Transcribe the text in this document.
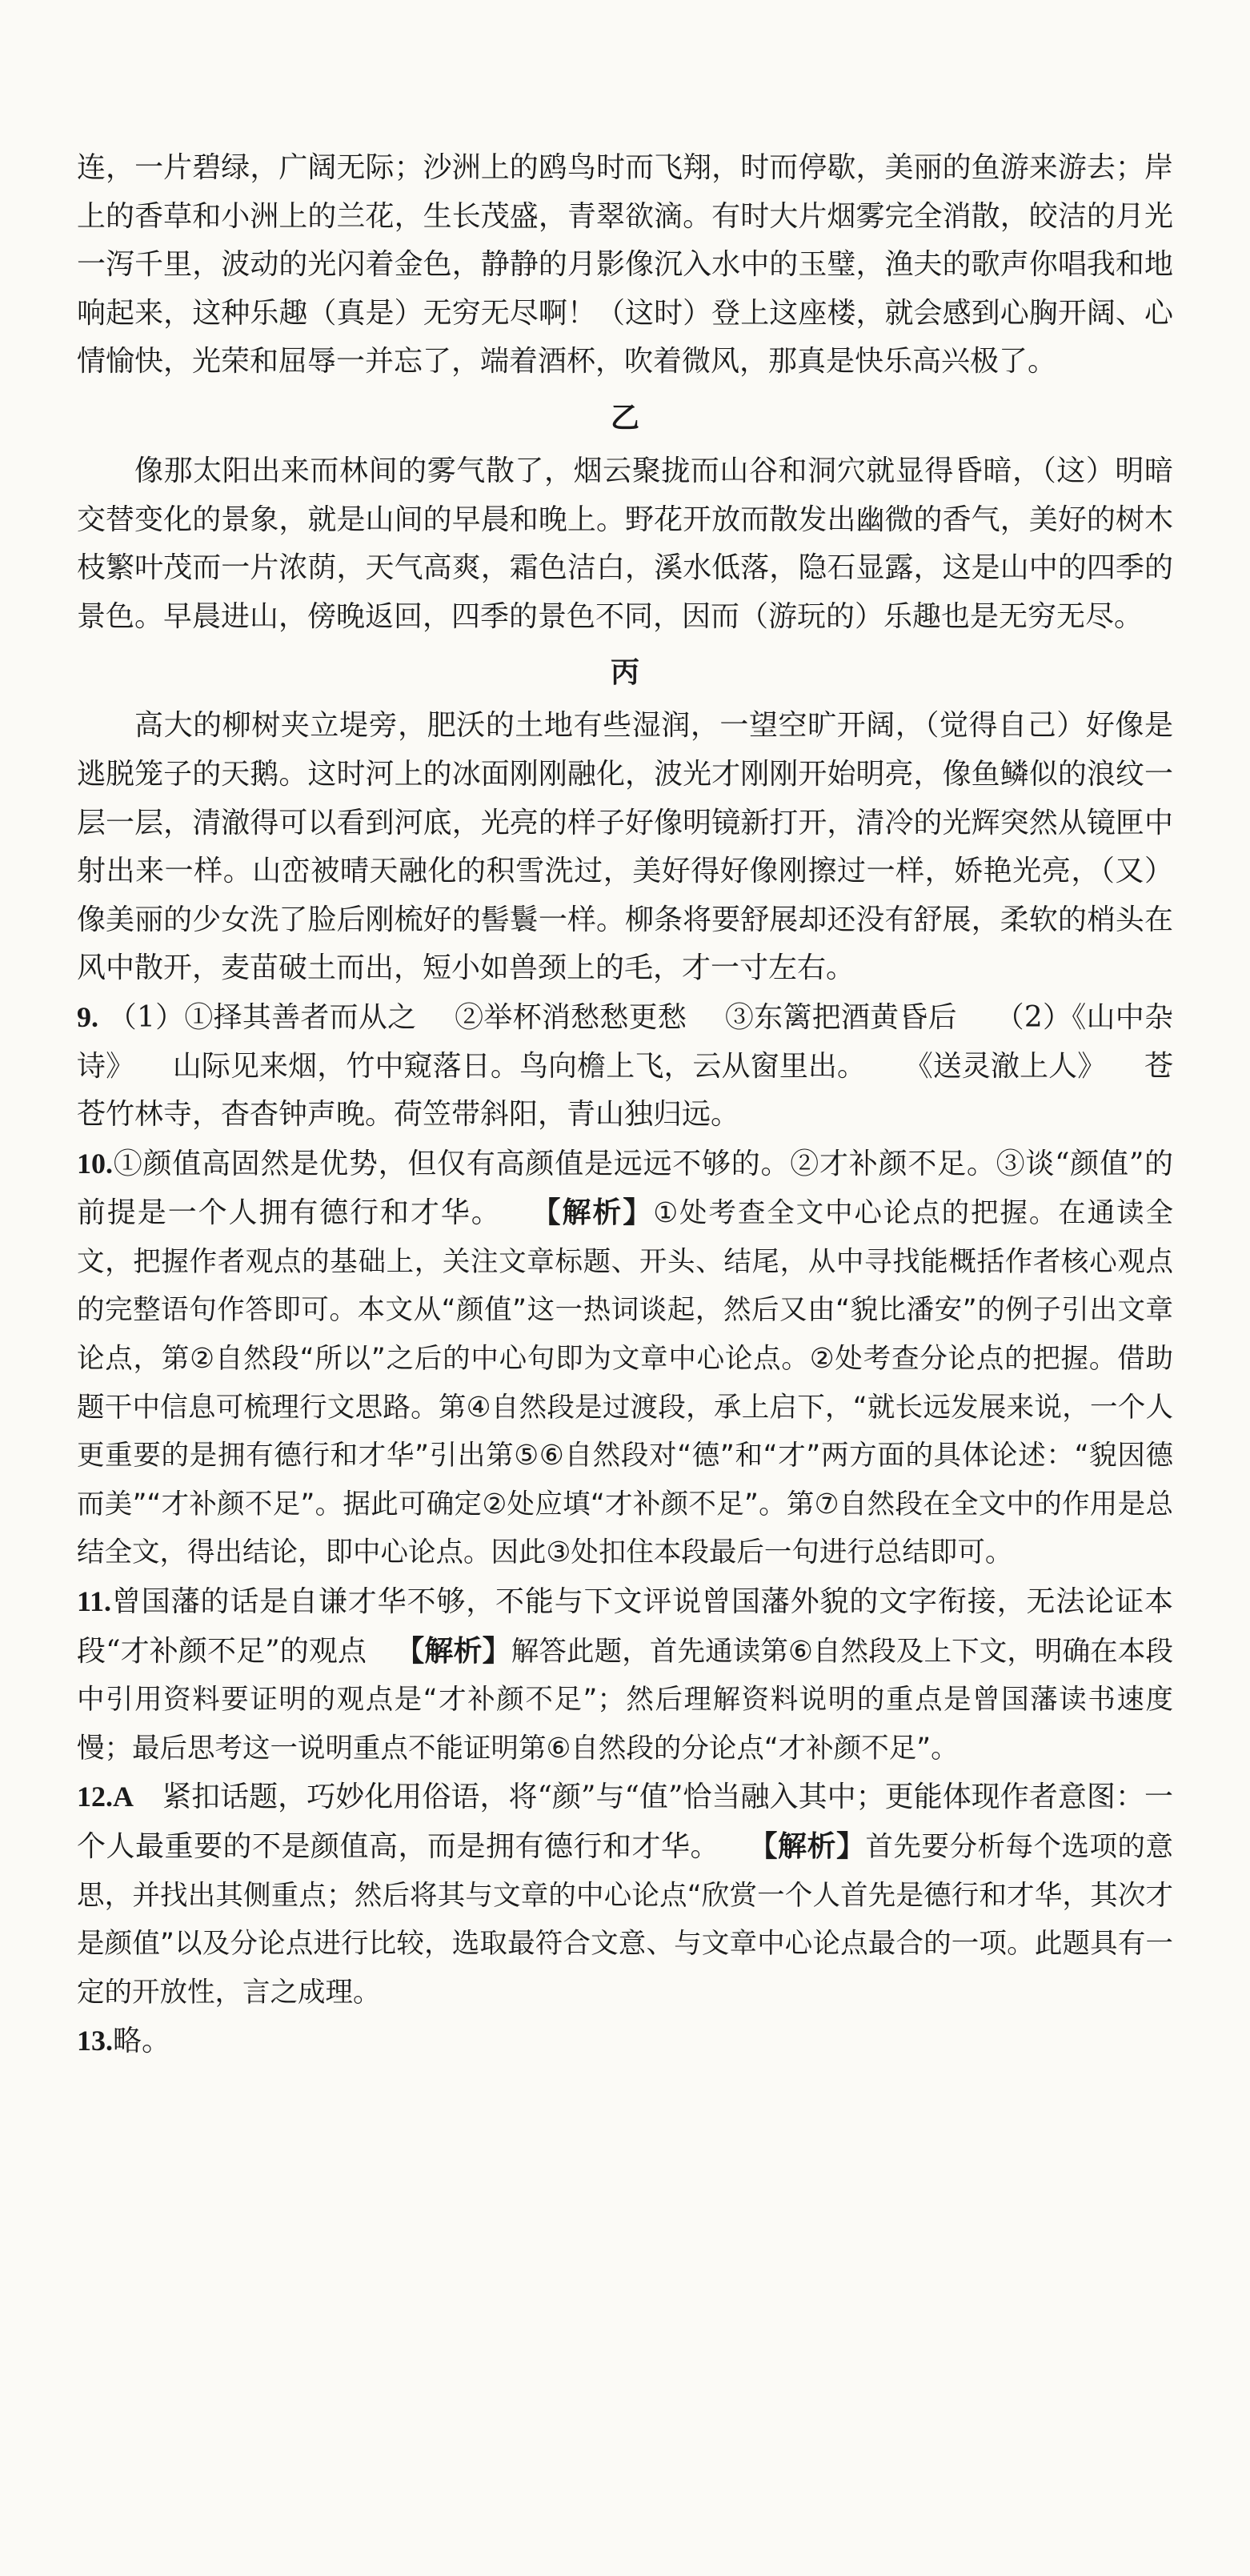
连，一片碧绿，广阔无际；沙洲上的鸥鸟时而飞翔，时而停歇，美丽的鱼游来游去；岸上的香草和小洲上的兰花，生长茂盛，青翠欲滴。有时大片烟雾完全消散，皎洁的月光一泻千里，波动的光闪着金色，静静的月影像沉入水中的玉璧，渔夫的歌声你唱我和地响起来，这种乐趣（真是）无穷无尽啊！（这时）登上这座楼，就会感到心胸开阔、心情愉快，光荣和屈辱一并忘了，端着酒杯，吹着微风，那真是快乐高兴极了。

乙

像那太阳出来而林间的雾气散了，烟云聚拢而山谷和洞穴就显得昏暗，（这）明暗交替变化的景象，就是山间的早晨和晚上。野花开放而散发出幽微的香气，美好的树木枝繁叶茂而一片浓荫，天气高爽，霜色洁白，溪水低落，隐石显露，这是山中的四季的景色。早晨进山，傍晚返回，四季的景色不同，因而（游玩的）乐趣也是无穷无尽。

丙

高大的柳树夹立堤旁，肥沃的土地有些湿润，一望空旷开阔，（觉得自己）好像是逃脱笼子的天鹅。这时河上的冰面刚刚融化，波光才刚刚开始明亮，像鱼鳞似的浪纹一层一层，清澈得可以看到河底，光亮的样子好像明镜新打开，清冷的光辉突然从镜匣中射出来一样。山峦被晴天融化的积雪洗过，美好得好像刚擦过一样，娇艳光亮，（又）像美丽的少女洗了脸后刚梳好的髻鬟一样。柳条将要舒展却还没有舒展，柔软的梢头在风中散开，麦苗破土而出，短小如兽颈上的毛，才一寸左右。

9. （1）①择其善者而从之 ②举杯消愁愁更愁 ③东篱把酒黄昏后 （2）《山中杂诗》 山际见来烟，竹中窥落日。鸟向檐上飞，云从窗里出。 《送灵澈上人》 苍苍竹林寺，杳杳钟声晚。荷笠带斜阳，青山独归远。

10.①颜值高固然是优势，但仅有高颜值是远远不够的。②才补颜不足。③谈“颜值”的前提是一个人拥有德行和才华。 【解析】①处考查全文中心论点的把握。在通读全文，把握作者观点的基础上，关注文章标题、开头、结尾，从中寻找能概括作者核心观点的完整语句作答即可。本文从“颜值”这一热词谈起，然后又由“貌比潘安”的例子引出文章论点，第②自然段“所以”之后的中心句即为文章中心论点。②处考查分论点的把握。借助题干中信息可梳理行文思路。第④自然段是过渡段，承上启下，“就长远发展来说，一个人更重要的是拥有德行和才华”引出第⑤⑥自然段对“德”和“才”两方面的具体论述：“貌因德而美”“才补颜不足”。据此可确定②处应填“才补颜不足”。第⑦自然段在全文中的作用是总结全文，得出结论，即中心论点。因此③处扣住本段最后一句进行总结即可。

11.曾国藩的话是自谦才华不够，不能与下文评说曾国藩外貌的文字衔接，无法论证本段“才补颜不足”的观点 【解析】解答此题，首先通读第⑥自然段及上下文，明确在本段中引用资料要证明的观点是“才补颜不足”；然后理解资料说明的重点是曾国藩读书速度慢；最后思考这一说明重点不能证明第⑥自然段的分论点“才补颜不足”。

12.A 紧扣话题，巧妙化用俗语，将“颜”与“值”恰当融入其中；更能体现作者意图：一个人最重要的不是颜值高，而是拥有德行和才华。 【解析】首先要分析每个选项的意思，并找出其侧重点；然后将其与文章的中心论点“欣赏一个人首先是德行和才华，其次才是颜值”以及分论点进行比较，选取最符合文意、与文章中心论点最合的一项。此题具有一定的开放性，言之成理。

13.略。
